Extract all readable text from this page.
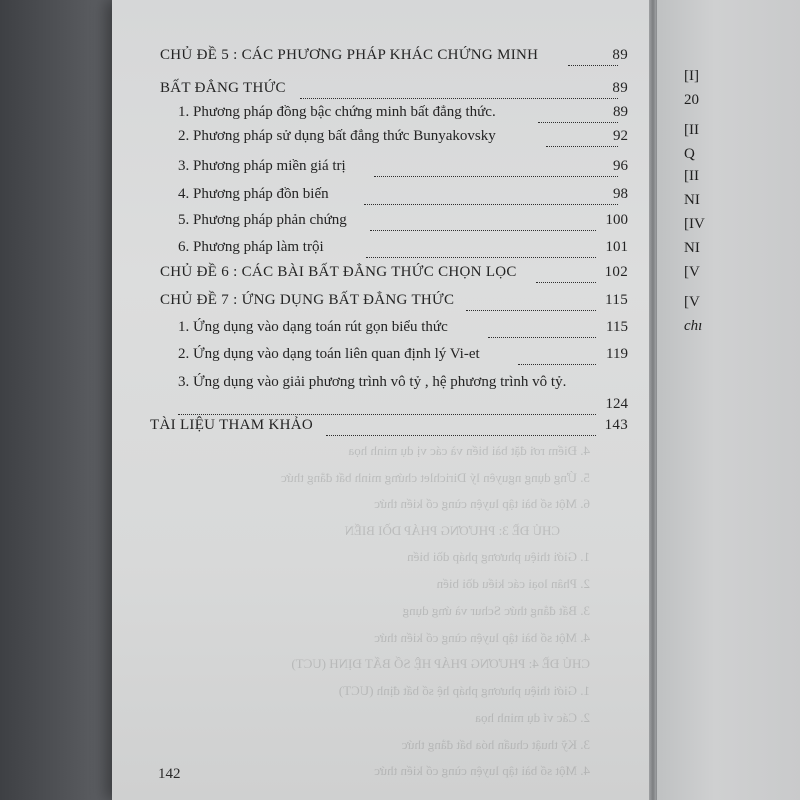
4. Điểm rơi đặt bài biến và các vị dụ minh họa
5. Ứng dụng nguyên lý Dirichlet chứng minh bất đẳng thức
6. Một số bài tập luyện cùng cố kiến thức
CHỦ ĐỀ 3: PHƯƠNG PHÁP DỒI BIẾN
1. Giới thiệu phương pháp dồi biến
2. Phân loại các kiểu dồi biến
3. Bất đẳng thức Schur và ứng dụng
4. Một số bài tập luyện cùng cố kiến thức
CHỦ ĐỀ 4: PHƯƠNG PHÁP HỆ SỐ BẤT ĐỊNH (UCT)
1. Giới thiệu phương pháp hệ số bất định (UCT)
2. Các ví dụ minh họa
3. Kỹ thuật chuẩn hóa bất đẳng thức
4. Một số bài tập luyện cùng cố kiến thức
CHỦ ĐỀ 5 : CÁC PHƯƠNG PHÁP KHÁC CHỨNG MINH	89
BẤT ĐẲNG THỨC	89
1. Phương pháp đồng bậc chứng minh bất đẳng thức.	89
2. Phương pháp sử dụng bất đẳng thức Bunyakovsky	92
3. Phương pháp miền giá trị	96
4. Phương pháp đồn biến	98
5. Phương pháp phản chứng	100
6. Phương pháp làm trội	101
CHỦ ĐỀ 6 : CÁC BÀI BẤT ĐẲNG THỨC CHỌN LỌC	102
CHỦ ĐỀ 7 : ỨNG DỤNG BẤT ĐẲNG THỨC	115
1. Ứng dụng vào dạng toán rút gọn biểu thức	115
2. Ứng dụng vào dạng toán liên quan định lý Vi-et	119
3. Ứng dụng vào giải phương trình vô tỷ , hệ phương trình vô tỷ.
124
TÀI LIỆU THAM KHẢO	143
142
[I]
20
[II
Q
[II
NI
[IV
NI
[V
[V
chı
